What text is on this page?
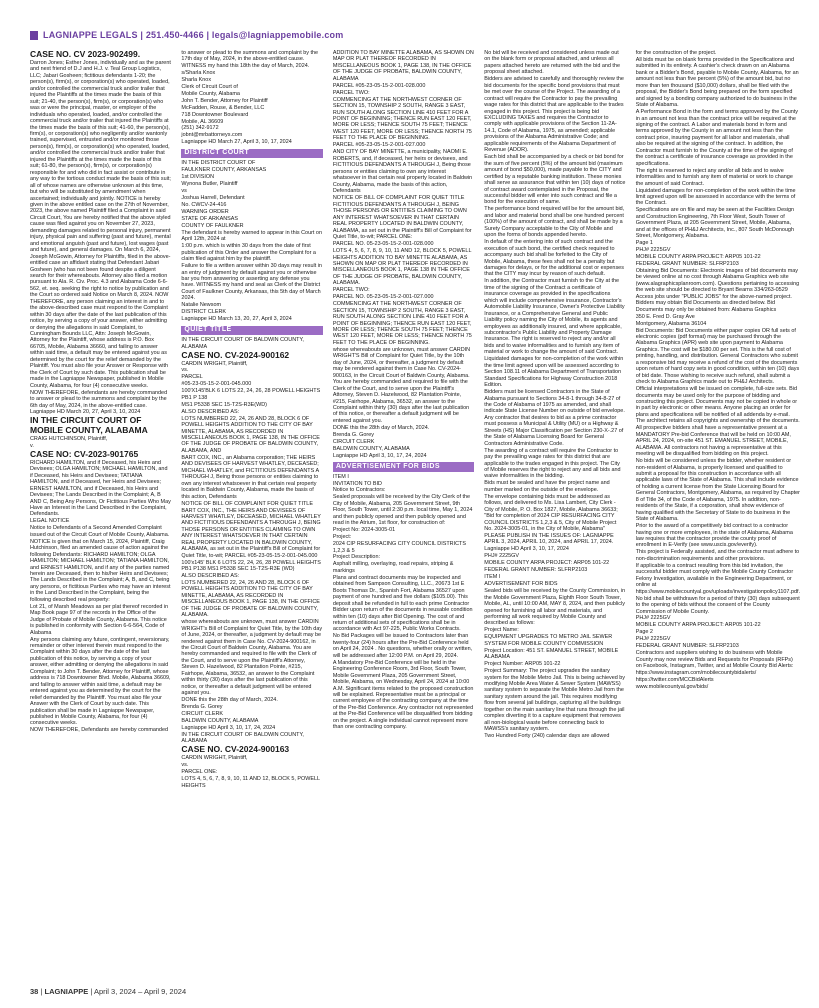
LAGNIAPPE LEGALS | 251.450-4466 | legals@lagniappemobile.com

CASE NO. CV 2023-902499.

Darron Jones; Esther Jones, individually and as the parent and next friend of D.J and H.J. v. Teal Group Logistics, LLC; Jabari Gosheen; fictitious defendants 1-20; the person(s), firm(s), or corporation(s) who operated, loaded, and/or controlled the commercial truck and/or trailer that injured the Plaintiffs at the times made the basis of this suit; 21-40, the person(s), firm(s), or corporation(s) who was or were the principal, master, or employer of the individuals who operated, loaded, and/or controlled the commercial truck and/or trailer that injured the Plaintiffs at the times made the basis of this suit; 41-60, the person(s), firm(s), or corporation(s) who negligently and/or wantonly trained, supervised, entrusted and/or monitored those person(s), firm(s), or corporation(s) who operated, loaded, and/or controlled the commercial truck and/or trailer that injured the Plaintiffs at the times made the basis of this suit; 61-80, the person(s), firm(s), or corporation(s) responsible for and who did in fact assist or contribute in any way to the tortious conduct made the basis of this suit; all of whose names are otherwise unknown at this time, but who will be substituted by amendment when ascertained; individually and jointly. NOTICE is hereby given in the above entitled case on the 27th of November, 2023, the above named Plaintiff filed a Complaint in said Circuit Court, You are hereby notified that the above styled cause was filed against you on November 27, 2023, demanding damages related to personal injury, permanent injury, physical pain and suffering (past and future), mental and emotional anguish (past and future), lost wages (past and future), and general damages. On March 6, 2024, Joseph McGowin, Attorney for Plaintiffs, filed in the above-entitled case an affidavit stating that Defendant Jabari Gosheen (who has not been found despite a diligent search for their whereabouts. Attorney also filed a motion pursuant to Ala. R. Civ. Proc. 4.3 and Alabama Code 6-6-562, et. seq. seeking the right to notice by publication and the Court so ordered said Notice on March 8, 2024. NOW THEREFORE, any person claiming an interest in and to the above-described case must respond to the Complaint within 30 days after the date of the last publication of this notice, by serving a copy of your answer, either admitting or denying the allegations in said Complaint, to Cunningham Bounds LLC, Attn: Joseph McGowin, Attorney for the Plaintiff, whose address is P.O. Box 66705, Mobile, Alabama 36660, and failing to answer within said time, a default may be entered against you as determined by the court for the relief demanded by the Plaintiff. You must also file your Answer or Response with the Clerk of Court by such date. This publication shall be made in the Lagniappe Newspaper, published in Mobile County, Alabama, for four (4) consecutive weeks.

NOW THEREFORE, defendants are hereby commanded to answer or plead to the summons and complaint by the 6th day of May, 2024, in the above-entitled case.

Lagniappe HD March 20, 27, April 3, 10, 2024

IN THE CIRCUIT COURT OF MOBILE COUNTY, ALABAMA

CRAIG HUTCHINSON, Plaintiff,

v.

CASE NO: CV-2023-901765

RICHARD HAMILTON, and if Deceased, his Heirs and Devisees; OLGA HAMILTON; MICHAEL HAMILTON, and if Deceased, his Heirs and Devisees; TATIANA HAMILTON, and if Deceased, her Heirs and Devisees; ERNEST HAMILTON, and if Deceased, his Heirs and Devisees; The Lands Described in the Complaint; A, B AND C, Being Any Persons, Or Fictitious Parties Who May Have an Interest in the Land Described in the Complaint, Defendants.

LEGAL NOTICE

Notice to Defendants of a Second Amended Complaint issued out of the Circuit Court of Mobile County, Alabama.

NOTICE is given that on March 15, 2024, Plaintiff, Craig Hutchinson, filed an amended cause of action against the following Defendants: RICHARD HAMILTON; OLGA HAMILTON; MICHAEL HAMILTON; TATIANA HAMILTON, and ERNEST HAMILTON, and if any of the parties named herein are Deceased, then to his/her Heirs and Devisees; The Lands Described in the Complaint; A, B, and C, being any persons, or fictitious Parties who may have an interest in the Land Described in the Complaint, being the following described real property:

Lot 21, of Marsh Meadows as per plat thereof recorded in Map Book page 97 of the records in the Office of the Judge of Probate of Mobile County, Alabama. This notice is published in conformity with Section 6-6-564, Code of Alabama

Any persons claiming any future, contingent, reversionary, remainder or other interest therein must respond to the Complaint within 30 days after the date of the last publication of this notice, by serving a copy of your answer, either admitting or denying the allegations in said Complaint; to John T. Bender, Attorney for Plaintiff, whose address is 718 Downtowner Blvd. Mobile, Alabama 36609, and failing to answer within said time, a default may be entered against you as determined by the court for the relief demanded by the Plaintiff. You must also file your Answer with the Clerk of Court by such date. This publication shall be made in Lagniappe Newspaper, published in Mobile County, Alabama, for four (4) consecutive weeks.

NOW THEREFORE, Defendants are hereby commanded

to answer or plead to the summons and complaint by the 17th day of May, 2024, in the above-entitled cause. WITNESS my hand this 18th the day of March, 2024.

s/Sharla Knox

Sharla Knox

Clerk of Circuit Court of

Mobile County, Alabama

John T. Bender, Attorney for Plaintiff

McFadden, Rouse, & Bender, LLC

718 Downtowner Boulevard

Mobile, AL 36609

(251) 342-9172

jobnt@mrbattorneys.com

Lagniappe HD March 27, April 3, 10, 17, 2024

DISTRICT COURT

IN THE DISTRICT COURT OF

FAULKNER COUNTY, ARKANSAS

1st DIVISION

Wynona Butler, Plaintiff

vs

Joshua Harrell, Defendant

No. CWCV-24-416

WARNING ORDER

STATE OF ARKANSAS

COUNTY OF FAULKNER

The defendant is hereby warned to appear in this Court on April 12th, 2024 at

1:00 p.m. which is within 30 days from the date of first publication of this Order and answer the Complaint for a claim filed against him by the plaintiff.

Failure to file a written answer within 30 days may result in an entry of judgment by default against you or otherwise bar you from answering or asserting any defense you have. WITNESS my hand and seal as Clerk of the District Court of Faulkner County, Arkansas, this 5th day of March 2024.

Natalie Newsom

DISTRICT CLERK

Lagniappe HD March 13, 20, 27, April 3, 2024

QUIET TITLE

IN THE CIRCUIT COURT OF BALDWIN COUNTY, ALABAMA

CASE NO. CV-2024-900162

CARDIN WRIGHT, Plaintiff,

vs.

PARCEL

#05-23-05-15-2-001-045.000

100'X145'BLK 6 LOTS 22, 24, 26, 28 POWELL HEIGHTS PB1 P 138

MS1 P5338 SEC 15-T2S-R3E(WD)

ALSO DESCRIBED AS:

LOTS NUMBERED 22, 24, 26 AND 28, BLOCK 6 OF POWELL HEIGHTS ADDITION TO THE CITY OF BAY MINETTE, ALABAMA, AS RECORDED IN MISCELLANEOUS BOOK 1, PAGE 138, IN THE OFFICE OF THE JUDGE OF PROBATE OF BALDWIN COUNTY, ALABAMA, AND

BART COX, INC., an Alabama corporation; THE HEIRS AND DEVISEES OF HARVEST WHATLEY, DECEASED; MICHAEL WHATLEY, and FICTITIOUS DEFENDANTS A THROUGH J, Being those persons or entities claiming to own any interest whatsoever in that certain real property located in Baldwin County, Alabama, made the basis of this action, Defendants

NOTICE OF BILL OF COMPLAINT FOR QUIET TITLE

BART COX, INC., THE HEIRS AND DEVISEES OF HARVEST WHATLEY, DECEASED, MICHAEL WHATLEY AND FICTITIOUS DEFENDANTS A THROUGH J, BEING THOSE PERSONS OR ENTITIES CLAIMING TO OWN ANY INTEREST WHATSOEVER IN THAT CERTAIN REAL PROPERTY LOCATED IN BALDWIN COUNTY, ALABAMA, as set out in the Plaintiff's Bill of Complaint for Quiet Title, to-wit; PARCEL #05-23-05-15-2-001-045.000

100'x145' BLK 6 LOTS 22, 24, 26, 28 POWELL HEIGHTS PB1 P138 MS1 P5338 SEC 15-T2S-R3E (WD)

ALSO DESCRIBED AS:

LOTS NUMBERED 22, 24, 26 AND 28, BLOCK 6 OF POWELL HEIGHTS ADDITION TO THE CITY OF BAY MINETTE, ALABAMA, AS RECORDED IN MISCELLANEOUS BOOK 1, PAGE 138, IN THE OFFICE OF THE JUDGE OF PROBATE OF BALDWIN COUNTY, ALABAMA.

whose whereabouts are unknown, must answer CARDIN WRIGHT's Bill of Complaint for Quiet Title, by the 10th day of June, 2024, or thereafter, a judgment by default may be rendered against them in Case No. CV-2024-900162, in the Circuit Court of Baldwin County, Alabama. You are hereby commanded and required to file with the Clerk of the Court, and to serve upon the Plaintiff's Attorney, Steven D. Hazelwood, 82 Plantation Pointe, #215, Fairhope, Alabama, 36532, an answer to the Complaint within thirty (30) days after the last publication of this notice, or thereafter a default judgment will be entered against you.

DONE this the 28th day of March, 2024.

Brenda G. Gorey

CIRCUIT CLERK

BALDWIN COUNTY, ALABAMA

Lagniappe HD April 3, 10, 17, 24, 2024

IN THE CIRCUIT COURT OF BALDWIN COUNTY, ALABAMA

CASE NO. CV-2024-900163

CARDIN WRIGHT, Plaintiff,

vs.

PARCEL ONE:

LOTS 4, 5, 6, 7, 8, 9, 10, 11 AND 12, BLOCK 5, POWELL HEIGHTS

ADDITION TO BAY MINETTE ALABAMA, AS SHOWN ON MAP OR PLAT THEREOF RECORDED IN MISCELLANEOUS BOOK 1, PAGE 138, IN THE OFFICE OF THE JUDGE OF PROBATE, BALDWIN COUNTY, ALABAMA

PARCEL #05-23-05-15-2-001-028.000

PARCEL TWO:

COMMENCING AT THE NORTHWEST CORNER OF SECTION 15, TOWNSHIP 2 SOUTH, RANGE 3 EAST, RUN SOUTH ALONG SECTION LINE 410 FEET FOR A POINT OF BEGINNING; THENCE RUN EAST 120 FEET, MORE OR LESS; THENCE SOUTH 75 FEET; THENCE WEST 120 FEET, MORE OR LESS; THENCE NORTH 75 FEET TO THE PLACE OF BEGINNING.

PARCEL #05-23-05-15-2-001-027.000

AND CITY OF BAY MINETTE, a municipality, NAOMI E. ROBERTS, and, if deceased, her heirs or devisees, and FICTITIOUS DEFENDANTS A THROUGH J, Being those persons or entities claiming to own any interest whatsoever in that certain real property located in Baldwin County, Alabama, made the basis of this action, Defendants

NOTICE OF BILL OF COMPLAINT FOR QUIET TITLE

FICTITIOUS DEFENDANTS A THROUGH J, BEING THOSE PERSONS OR ENTITIES CLAIMING TO OWN ANY INTEREST WHATSOEVER IN THAT CERTAIN REAL PROPERTY LOCATED IN BALDWIN COUNTY, ALABAMA, as set out in the Plaintiff's Bill of Complaint for Quiet Title, to-wit; PARCEL ONE:

PARCEL NO. 05-23-05-15-2-001-028.000

LOTS 4, 5, 6, 7, 8, 9, 10, 11 AND 12, BLOCK 5, POWELL HEIGHTS ADDITION TO BAY MINETTE ALABAMA, AS SHOWN ON MAP OR PLAT THEREOF RECORDED IN MISCELLANEOUS BOOK 1, PAGE 138 IN THE OFFICE OF THE JUDGE OF PROBATE, BALDWIN COUNTY, ALABAMA.

PARCEL TWO:

PARCEL NO. 05-23-05-15-2-001-027.000

COMMENCING AT THE NORTHWEST CORNER OF SECTION 15, TOWNSHIP 2 SOUTH, RANGE 3 EAST, RUN SOUTH ALONG SECTION LINE 410 FEET FOR A POINT OF BEGINNING; THENCE RUN EAST 120 FEET, MORE OR LESS; THENCE SOUTH 75 FEET; THENCE WEST 120 FEET, MORE OR LESS; THENCE NORTH 75 FEET TO THE PLACE OF BEGINNING.

whose whereabouts are unknown, must answer CARDIN WRIGHT'S Bill of Complaint for Quiet Title, by the 10th day of June, 2024, or thereafter, a judgment by default may be rendered against them in Case No. CV-2024-900163, in the Circuit Court of Baldwin County, Alabama. You are hereby commanded and required to file with the Clerk of the Court, and to serve upon the Plaintiff's Attorney, Steven D. Hazelwood, 82 Plantation Pointe, #215, Fairhope, Alabama, 36532, an answer to the Complaint within thirty (30) days after the last publication of this notice, or thereafter a default judgment will be entered against you.

DONE this the 28th day of March, 2024.

Brenda G. Gorey

CIRCUIT CLERK

BALDWIN COUNTY, ALABAMA

Lagniappe HD April 3, 10, 17, 24, 2024

ADVERTISEMENT FOR BIDS

ITEM I

INVITATION TO BID

Notice to Contractors:

Sealed proposals will be received by the City Clerk of the City of Mobile, Alabama, 205 Government Street, 9th Floor, South Tower, until 2:30 p.m. local time, May 1, 2024 and then publicly opened and then publicly opened and read in the Atrium, 1st floor, for construction of:

Project No: 2024-3005-01

Project:

2024 CIP RESURFACING CITY COUNCIL DISTRICTS 1,2,3 & 5

Project Description:

Asphalt milling, overlaying, road repairs, striping & markings

Plans and contract documents may be inspected and obtained from Sampson Consulting, LLC., 20673 1st E Boots Thomas Dr., Spanish Fort, Alabama 36527 upon payment of one hundred and five dollars ($105.00). This deposit shall be refunded in full to each prime Contractor Bidder upon return of the documents in reusable condition within ten (10) days after Bid Opening. The cost of and return of additional sets of specifications shall be in accordance with Act 97-225, Public Works Contracts.

No Bid Packages will be issued to Contractors later than twenty-four (24) hours after the Pre-Bid Conference held on April 24, 2024 . No questions, whether orally or written, will be addressed after 12:00 P.M. on April 29, 2024.

A Mandatory Pre-Bid Conference will be held in the Engineering Conference Room, 3rd Floor, South Tower, Mobile Government Plaza, 205 Government Street, Mobile, Alabama, on Wednesday, April 24, 2024 at 10:00 A.M. Significant items related to the proposed construction will be explained. Representative must be a principal or current employee of the contracting company at the time of the Pre-Bid Conference. Any contractor not represented at the Pre-Bid Conference will be disqualified from bidding on the project. A single individual cannot represent more than one contracting company.

No bid will be received and considered unless made out on the blank form or proposal attached, and unless all papers attached hereto are returned with the bid and the proposal sheet attached.

Bidders are advised to carefully and thoroughly review the bid documents for the specific bond provisions that must be met over the course of the Project. The awarding of a contract will require the Contractor to pay the prevailing wage rates for this district that are applicable to the trades engaged in this project. This project is being bid EXCLUDING TAXES and requires the Contractor to comply with applicable provisions of the Section 11-2A-14.1, Code of Alabama, 1975, as amended; applicable provisions of the Alabama Administrative Code; and applicable requirements of the Alabama Department of Revenue (ADOR).

Each bid shall be accompanied by a check or bid bond for the sum of five percent (5%) of the amount bid (maximum amount of bond $50,000), made payable to the CITY and certified by a reputable banking institution. These monies shall serve as assurance that within ten (10) days of notice of contract award contemplated in the Proposal, the successful bidder will enter into such contract and file a bond for the execution of same.

The performance bond required will be for the amount bid, and labor and material bond shall be one hundred percent (100%) of the amount of contract, and shall be made by a Surety Company acceptable to the City of Mobile and upon the forms of bonds appended hereto.

In default of the entering into of such contract and the execution of such bond, the certified check required to accompany such bid shall be forfeited to the City of Mobile, Alabama, these fees shall not be a penalty but damages for delays, or for the additional cost or expenses that the CITY may incur by reason of such default.

In addition, the Contractor must furnish to the City at the time of the signing of the Contract a certificate of insurance coverage as provided in the specifications which will include comprehensive insurance, Contractor's Automobile Liability Insurance, Owner's Protective Liability Insurance, or a Comprehensive General and Public Liability policy naming the City of Mobile, its agents and employees as additionally insured, and where applicable, subcontractor's Public Liability and Property Damage Insurance. The right is reserved to reject any and/or all bids and to waive informalities and to furnish any item of material or work to change the amount of said Contract.

Liquidated damages for non-completion of the work within the time limit agreed upon will be assessed according to Section 108.11 of Alabama Department of Transportation Standard Specifications for Highway Construction 2018 Edition.

Bidders must be licensed Contractors in the State of Alabama pursuant to Sections 34-8-1 through 34-8-27 of the Code of Alabama of 1975 as amended, and shall indicate State License Number on outside of bid envelope. Any contractor that desires to bid as a prime contractor must possess a Municipal & Utility (MU) or a Highway & Streets (HS) Major Classification per Section 230-X-.27 of the State of Alabama Licensing Board for General Contractors Administrative Code.

The awarding of a contract will require the Contractor to pay the prevailing wage rates for this district that are applicable to the trades engaged in this project. The City of Mobile reserves the right to reject any and all bids and waive informalities in the bidding.

Bids must be sealed and have the project name and number marked on the outside of the envelope.

The envelope containing bids must be addressed as follows, and delivered to Ms. Lisa Lambert, City Clerk - City of Mobile, P. O. Box 1827, Mobile, Alabama 36633; "Bid for completion of 2024 CIP RESURFACING CITY COUNCIL DISTRICTS 1,2,3 & 5, City of Mobile Project No. 2024-3005-01, in the City of Mobile, Alabama"

PLEASE PUBLISH IN THE ISSUES OF: LAGNIAPPE APRIL 3, 2024, APRIL 10, 2024, and APRIL 17, 2024.

Lagniappe HD April 3, 10, 17, 2024

PHJ# 2225GV

MOBILE COUNTY ARPA PROJECT: ARP05 101-22

FEDERAL GRANT NUMBER: SLFRP2103

ITEM I

ADVERTISEMENT FOR BIDS

Sealed bids will be received by the County Commission, in the Mobile Government Plaza, Eighth Floor South Tower, Mobile, AL, until 10:00 AM, MAY 8, 2024, and then publicly opened for furnishing all labor and materials, and performing all work required by Mobile County and described as follows:

Project Name:

EQUIPMENT UPGRADES TO METRO JAIL SEWER SYSTEM FOR MOBILE COUNTY COMMISSION

Project Location: 451 ST. EMANUEL STREET, MOBILE ALABAMA

Project Number: ARP05 101-22

Project Summary: The project upgrades the sanitary system for the Mobile Metro Jail. This is being achieved by modifying Mobile Area Water & Sewer System (MAWSS) sanitary system to separate the Mobile Metro Jail from the sanitary system around the jail. This requires modifying flow from several jail buildings, capturing all the buildings together on the main sanitary line that runs through the jail complex diverting it to a capture equipment that removes all non-biological waste before connecting back to MAWSS's sanitary system.

Two Hundred Forty (240) calendar days are allowed

for the construction of the project.

All bids must be on blank forms provided in the Specifications and submitted in its entirety. A cashier's check drawn on an Alabama bank or a Bidder's Bond, payable to Mobile County, Alabama, for an amount not less than five percent (5%) of the amount bid, but no more than ten thousand ($10,000) dollars, shall be filed with the proposal, the Bidder's Bond being prepared on the form specified and signed by a bonding company authorized to do business in the State of Alabama.

A Performance Bond in the form and terms approved by the County in an amount not less than the contract price will be required at the signing of the contract. A Labor and materials bond in form and terms approved by the County in an amount not less than the contract price, insuring payment for all labor and materials, shall also be required at the signing of the contract. In addition, the Contractor must furnish to the County at the time of the signing of the contract a certificate of insurance coverage as provided in the specifications.

The right is reserved to reject any and/or all bids and to waive informalities and to furnish any item of material or work to change the amount of said Contract.

Liquidated damages for non-completion of the work within the time limit agreed upon will be assessed in accordance with the terms of the Contract.

Specifications are on file and may be seen at the Facilities Design and Construction Engineering, 7th Floor West, South Tower of Government Plaza, at 205 Government Street, Mobile, Alabama, and at the offices of PH&J Architects, Inc., 807 South McDonough Street, Montgomery, Alabama.

Page 1

PHJ# 2225GV

MOBILE COUNTY ARPA PROJECT: ARP05 101-22

FEDERAL GRANT NUMBER: SLFRP2103

Obtaining Bid Documents: Electronic images of bid documents may be viewed online at no cost through Alabama Graphics web site (www.alagraphicsplanroom.com). Questions pertaining to accessing the web site should be directed to Bryant Bearns 334/263-0529 Access jobs under "PUBLIC JOBS" for the above-named project. Bidders may obtain Bid Documents as directed below. Bid Documents may only be obtained from: Alabama Graphics

350 E. Fred D. Gray Ave

Montgomery, Alabama 36104

Bid Documents: Bid Documents either paper copies OR full sets of electronic copies (pdf format) may be purchased through the Alabama Graphics (APR) web site upon payment to Alabama Graphics. The cost will be $180.00 per set. This is the full cost of printing, handling, and distribution. General Contractors who submit a responsive bid may receive a refund of the cost of the documents upon return of hard copy sets in good condition, within ten (10) days of bid date. Those wishing to receive such refund, shall submit a check to Alabama Graphics made out to PH&J Architects.

Official interpretations will be issued on complete, full-size sets. Bid documents may be used only for the purpose of bidding and constructing this project. Documents may not be copied in whole or in part by electronic or other means. Anyone placing an order for plans and specifications will be notified of all addenda by e-mail. The architect retains all copyrights and ownership of the documents.

All prospective bidders shall have a representative present at a MANDATORY Pre-bid Conference that will be held on 10:00 AM, APRIL 24, 2024, on-site 451 ST. EMANUEL STREET, MOBILE, ALABAMA. All contractors not having a representative at this meeting will be disqualified from bidding on this project.

No bids will be considered unless the bidder, whether resident or non-resident of Alabama, is properly licensed and qualified to submit a proposal for this construction in accordance with all applicable laws of the State of Alabama. This shall include evidence of holding a current license from the State Licensing Board for General Contractors, Montgomery, Alabama, as required by Chapter 8 of Title 34, of the Code of Alabama, 1975. In addition, non-residents of the State, if a corporation, shall show evidence of having qualified with the Secretary of State to do business in the State of Alabama.

Prior to the award of a competitively bid contract to a contractor having one or more employees, in the state of Alabama, Alabama law requires that the contractor provide the county proof of enrollment in E-Verify (see www.uscis.gov/everify).

This project is Federally assisted, and the contractor must adhere to non-discrimination requirements and other provisions.

If applicable to a contract resulting from this bid invitation, the successful bidder must comply with the Mobile County Contractor Felony Investigation, available in the Engineering Department, or online at https://www.mobilecountyal.gov/uploads/investigationpolicy1107.pdf.

No bid shall be withdrawn for a period of thirty (30) days subsequent to the opening of bids without the consent of the County Commission of Mobile County.

PHJ# 2225GV

MOBILE COUNTY ARPA PROJECT: ARP05 101-22

Page 2

PHJ# 2225GV

FEDERAL GRANT NUMBER: SLFRP2103

Contractors and suppliers wishing to do business with Mobile County may now review Bids and Requests for Proposals (RFPs) on Facebook, Instagram, Twitter, and at Mobile County Bid Alerts:

https://www.instagram.com/mobilecountybidalerts/

https://twitter.com/MCCBidAlerts

www.mobilecountyal.gov/bids/

38 | LAGNIAPPE | April 3, 2024 – April 9, 2024
